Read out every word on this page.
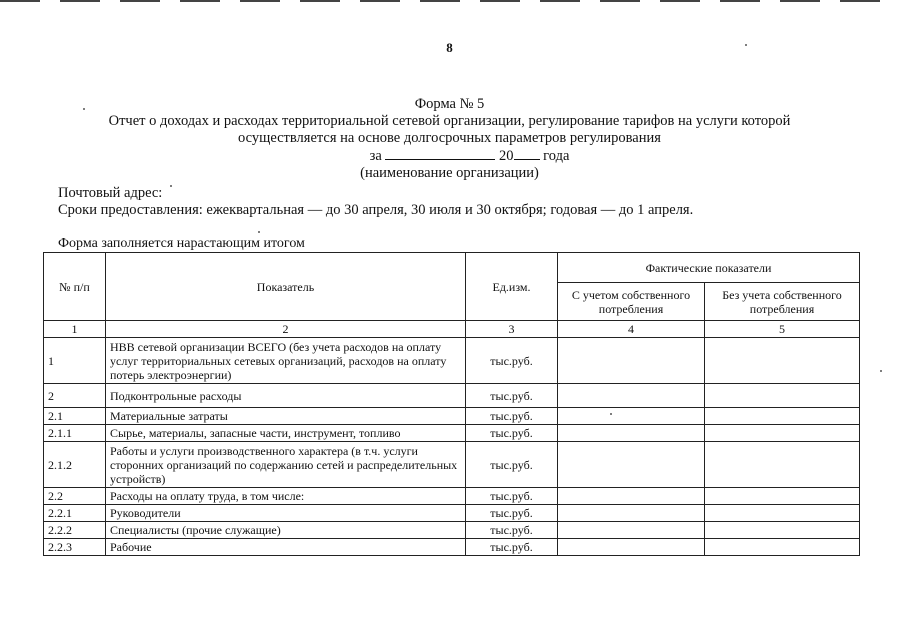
8
Форма № 5
Отчет о доходах и расходах территориальной сетевой организации, регулирование тарифов на услуги которой
осуществляется на основе долгосрочных параметров регулирования
за	20 года
(наименование организации)
Почтовый адрес:
Сроки предоставления: ежеквартальная — до 30 апреля, 30 июля и 30 октября; годовая — до 1 апреля.
Форма заполняется нарастающим итогом
№ п/п	Показатель	Ед.изм.	Фактические показатели	
			С учетом собственного потребления	Без учета собственного потребления
1	2	3	4	5
1	НВВ сетевой организации ВСЕГО (без учета расходов на оплату услуг территориальных сетевых организаций, расходов на оплату потерь электроэнергии)	тыс.руб.		
2	Подконтрольные расходы	тыс.руб.		
2.1	Материальные затраты	тыс.руб.		
2.1.1	Сырье, материалы, запасные части, инструмент, топливо	тыс.руб.		
2.1.2	Работы и услуги производственного характера (в т.ч. услуги сторонних организаций по содержанию сетей и распределительных устройств)	тыс.руб.		
2.2	Расходы на оплату труда, в том числе:	тыс.руб.		
2.2.1	Руководители	тыс.руб.		
2.2.2	Специалисты (прочие служащие)	тыс.руб.		
2.2.3	Рабочие	тыс.руб.		
